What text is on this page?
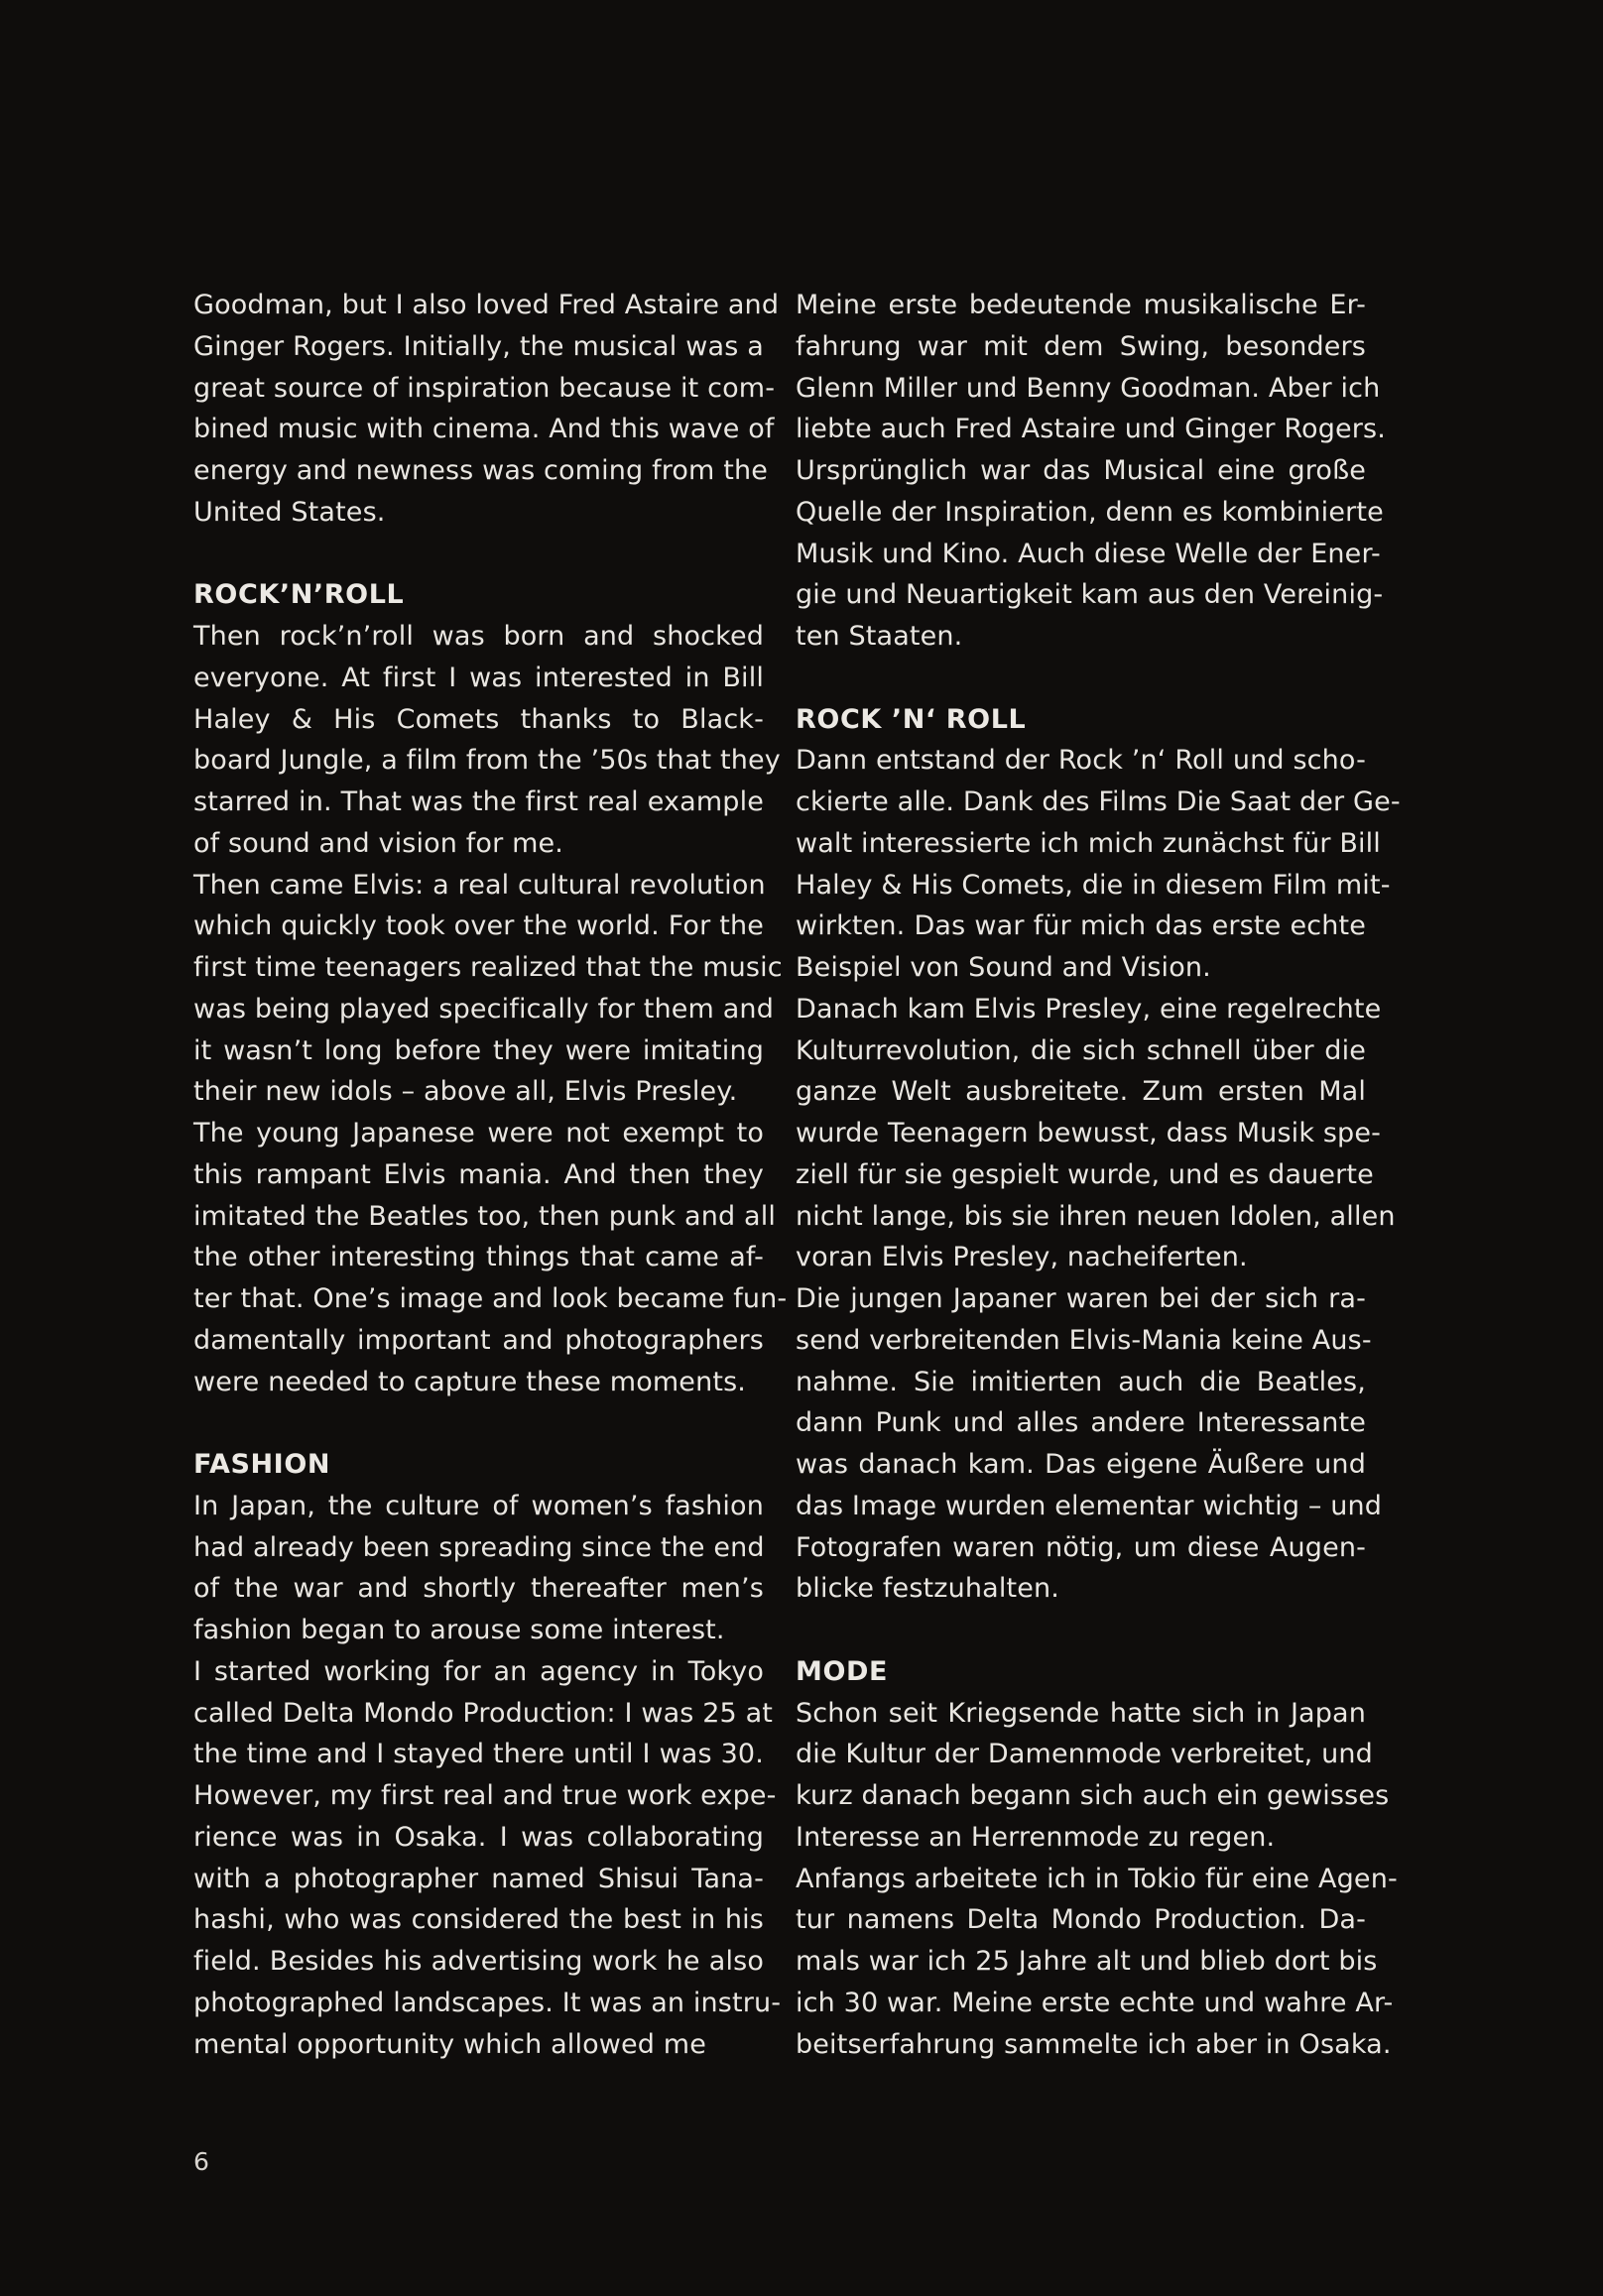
Goodman, but I also loved Fred Astaire and
Ginger Rogers. Initially, the musical was a
great source of inspiration because it com-
bined music with cinema. And this wave of
energy and newness was coming from the
United States.
ROCK’N’ROLL
Then rock’n’roll was born and shocked
everyone. At first I was interested in Bill
Haley & His Comets thanks to Black-
board Jungle, a film from the ’50s that they
starred in. That was the first real example
of sound and vision for me.
Then came Elvis: a real cultural revolution
which quickly took over the world. For the
first time teenagers realized that the music
was being played specifically for them and
it wasn’t long before they were imitating
their new idols – above all, Elvis Presley.
The young Japanese were not exempt to
this rampant Elvis mania. And then they
imitated the Beatles too, then punk and all
the other interesting things that came af-
ter that. One’s image and look became fun-
damentally important and photographers
were needed to capture these moments.
FASHION
In Japan, the culture of women’s fashion
had already been spreading since the end
of the war and shortly thereafter men’s
fashion began to arouse some interest.
I started working for an agency in Tokyo
called Delta Mondo Production: I was 25 at
the time and I stayed there until I was 30.
However, my first real and true work expe-
rience was in Osaka. I was collaborating
with a photographer named Shisui Tana-
hashi, who was considered the best in his
field. Besides his advertising work he also
photographed landscapes. It was an instru-
mental opportunity which allowed me
Meine erste bedeutende musikalische Er-
fahrung war mit dem Swing, besonders
Glenn Miller und Benny Goodman. Aber ich
liebte auch Fred Astaire und Ginger Rogers.
Ursprünglich war das Musical eine große
Quelle der Inspiration, denn es kombinierte
Musik und Kino. Auch diese Welle der Ener-
gie und Neuartigkeit kam aus den Vereinig-
ten Staaten.
ROCK ’N‘ ROLL
Dann entstand der Rock ’n‘ Roll und scho-
ckierte alle. Dank des Films Die Saat der Ge-
walt interessierte ich mich zunächst für Bill
Haley & His Comets, die in diesem Film mit-
wirkten. Das war für mich das erste echte
Beispiel von Sound and Vision.
Danach kam Elvis Presley, eine regelrechte
Kulturrevolution, die sich schnell über die
ganze Welt ausbreitete. Zum ersten Mal
wurde Teenagern bewusst, dass Musik spe-
ziell für sie gespielt wurde, und es dauerte
nicht lange, bis sie ihren neuen Idolen, allen
voran Elvis Presley, nacheiferten.
Die jungen Japaner waren bei der sich ra-
send verbreitenden Elvis-Mania keine Aus-
nahme. Sie imitierten auch die Beatles,
dann Punk und alles andere Interessante
was danach kam. Das eigene Äußere und
das Image wurden elementar wichtig – und
Fotografen waren nötig, um diese Augen-
blicke festzuhalten.
MODE
Schon seit Kriegsende hatte sich in Japan
die Kultur der Damenmode verbreitet, und
kurz danach begann sich auch ein gewisses
Interesse an Herrenmode zu regen.
Anfangs arbeitete ich in Tokio für eine Agen-
tur namens Delta Mondo Production. Da-
mals war ich 25 Jahre alt und blieb dort bis
ich 30 war. Meine erste echte und wahre Ar-
beitserfahrung sammelte ich aber in Osaka.
6
